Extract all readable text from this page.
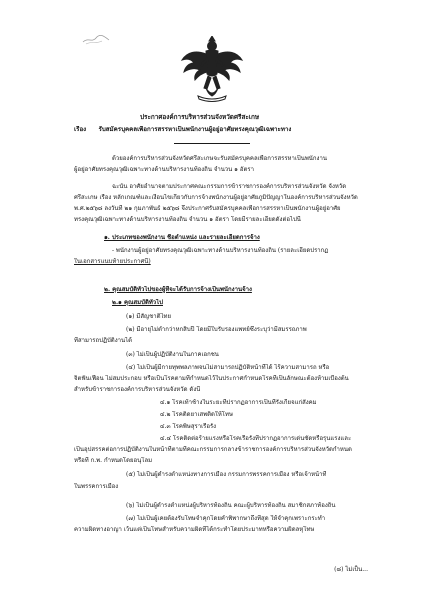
ประกาศองค์การบริหารส่วนจังหวัดศรีสะเกษ
เรื่อง รับสมัครบุคคลเพื่อการสรรหาเป็นพนักงานผู้อยู่อาศัยทรงคุณวุฒิเฉพาะทาง
ด้วยองค์การบริหารส่วนจังหวัดศรีสะเกษจะรับสมัครบุคคลเพื่อการสรรหาเป็นพนักงาน
ผู้อยู่อาศัยทรงคุณวุฒิเฉพาะทางด้านบริหารงานท้องถิ่น จำนวน ๑ อัตรา
ฉะนั้น อาศัยอำนาจตามประกาศคณะกรรมการข้าราชการองค์การบริหารส่วนจังหวัด จังหวัด
ศรีสะเกษ เรื่อง หลักเกณฑ์และเงื่อนไขเกี่ยวกับการจ้างพนักงานผู้อยู่อาศัยภูมิปัญญาในองค์การบริหารส่วนจังหวัด
พ.ศ.๒๕๖๘ ลงวันที่ ๒๑ กุมภาพันธ์ ๒๕๖๘ จึงประกาศรับสมัครบุคคลเพื่อการสรรหาเป็นพนักงานผู้อยู่อาศัย
ทรงคุณวุฒิเฉพาะทางด้านบริหารงานท้องถิ่น จำนวน ๑ อัตรา โดยมีรายละเอียดดังต่อไปนี้
๑. ประเภทของพนักงาน ชื่อตำแหน่ง และรายละเอียดการจ้าง
- พนักงานผู้อยู่อาศัยทรงคุณวุฒิเฉพาะทางด้านบริหารงานท้องถิ่น (รายละเอียดปรากฏ
ในเอกสารแนบท้ายประกาศนี้)
๒. คุณสมบัติทั่วไปของผู้ที่จะได้รับการจ้างเป็นพนักงานจ้าง
๒.๑ คุณสมบัติทั่วไป
(๑) มีสัญชาติไทย
(๒) มีอายุไม่ต่ำกว่าหกสิบปี โดยมีใบรับรองแพทย์ซึ่งระบุว่ามีสมรรถภาพ
ที่สามารถปฏิบัติงานได้
(๓) ไม่เป็นผู้ปฏิบัติงานในภาคเอกชน
(๔) ไม่เป็นผู้มีกายทุพพลภาพจนไม่สามารถปฏิบัติหน้าที่ได้ ไร้ความสามารถ หรือ
จิตฟั่นเฟือน ไม่สมประกอบ หรือเป็นโรคตามที่กำหนดไว้ในประกาศกำหนดโรคที่เป็นลักษณะต้องห้ามเบื้องต้น
สำหรับข้าราชการองค์การบริหารส่วนจังหวัด ดังนี้
๔.๑ โรคเท้าช้างในระยะที่ปรากฏอาการเป็นที่รังเกียจแก่สังคม
๔.๒ โรคติดยาเสพติดให้โทษ
๔.๓ โรคพิษสุราเรื้อรัง
๔.๔ โรคติดต่อร้ายแรงหรือโรคเรื้อรังที่ปรากฏอาการเด่นชัดหรือรุนแรงและ
เป็นอุปสรรคต่อการปฏิบัติงานในหน้าที่ตามที่คณะกรรมการกลางข้าราชการองค์การบริหารส่วนจังหวัดกำหนด
หรือที่ ก.พ. กำหนดโดยอนุโลม
(๕) ไม่เป็นผู้ดำรงตำแหน่งทางการเมือง กรรมการพรรคการเมือง หรือเจ้าหน้าที่
ในพรรคการเมือง
(๖) ไม่เป็นผู้ดำรงตำแหน่งผู้บริหารท้องถิ่น คณะผู้บริหารท้องถิ่น สมาชิกสภาท้องถิ่น
(๗) ไม่เป็นผู้เคยต้องรับโทษจำคุกโดยคำพิพากษาถึงที่สุด ให้จำคุกเพราะกระทำ
ความผิดทางอาญา เว้นแต่เป็นโทษสำหรับความผิดที่ได้กระทำโดยประมาทหรือความผิดลหุโทษ
(๘) ไม่เป็น...
